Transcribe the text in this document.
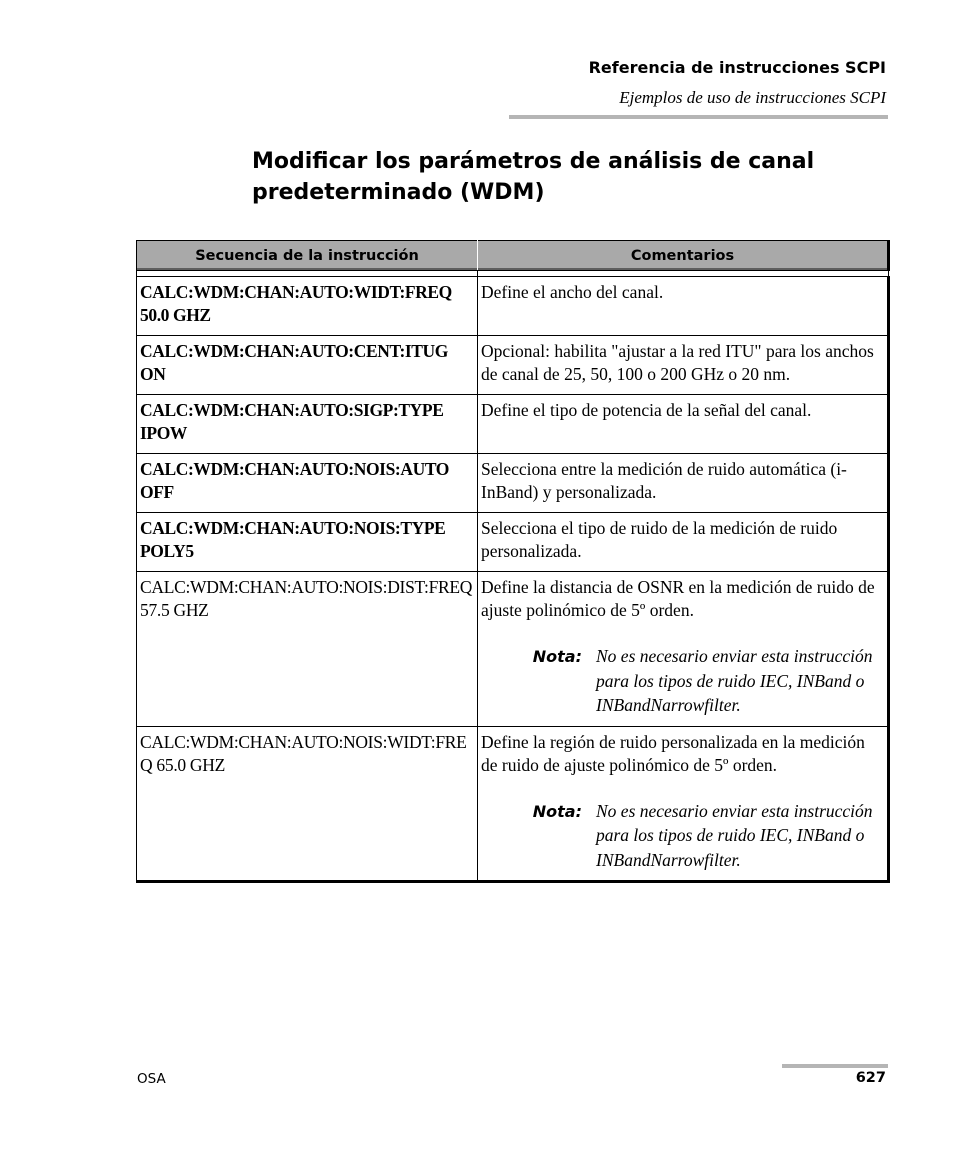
Referencia de instrucciones SCPI
Ejemplos de uso de instrucciones SCPI
Modificar los parámetros de análisis de canal predeterminado (WDM)
Secuencia de la instrucción	Comentarios

CALC:WDM:CHAN:AUTO:WIDT:FREQ 50.0 GHZ	Define el ancho del canal.
CALC:WDM:CHAN:AUTO:CENT:ITUG ON	Opcional: habilita "ajustar a la red ITU" para los anchos de canal de 25, 50, 100 o 200 GHz o 20 nm.
CALC:WDM:CHAN:AUTO:SIGP:TYPE IPOW	Define el tipo de potencia de la señal del canal.
CALC:WDM:CHAN:AUTO:NOIS:AUTO OFF	Selecciona entre la medición de ruido automática (i-InBand) y personalizada.
CALC:WDM:CHAN:AUTO:NOIS:TYPE POLY5	Selecciona el tipo de ruido de la medición de ruido personalizada.
CALC:WDM:CHAN:AUTO:NOIS:DIST:FREQ 57.5 GHZ	Define la distancia de OSNR en la medición de ruido de ajuste polinómico de 5º orden.
Nota: No es necesario enviar esta instrucción para los tipos de ruido IEC, INBand o INBandNarrowfilter.

CALC:WDM:CHAN:AUTO:NOIS:WIDT:FREQ 65.0 GHZ	Define la región de ruido personalizada en la medición de ruido de ajuste polinómico de 5º orden.
Nota: No es necesario enviar esta instrucción para los tipos de ruido IEC, INBand o INBandNarrowfilter.
OSA	627
